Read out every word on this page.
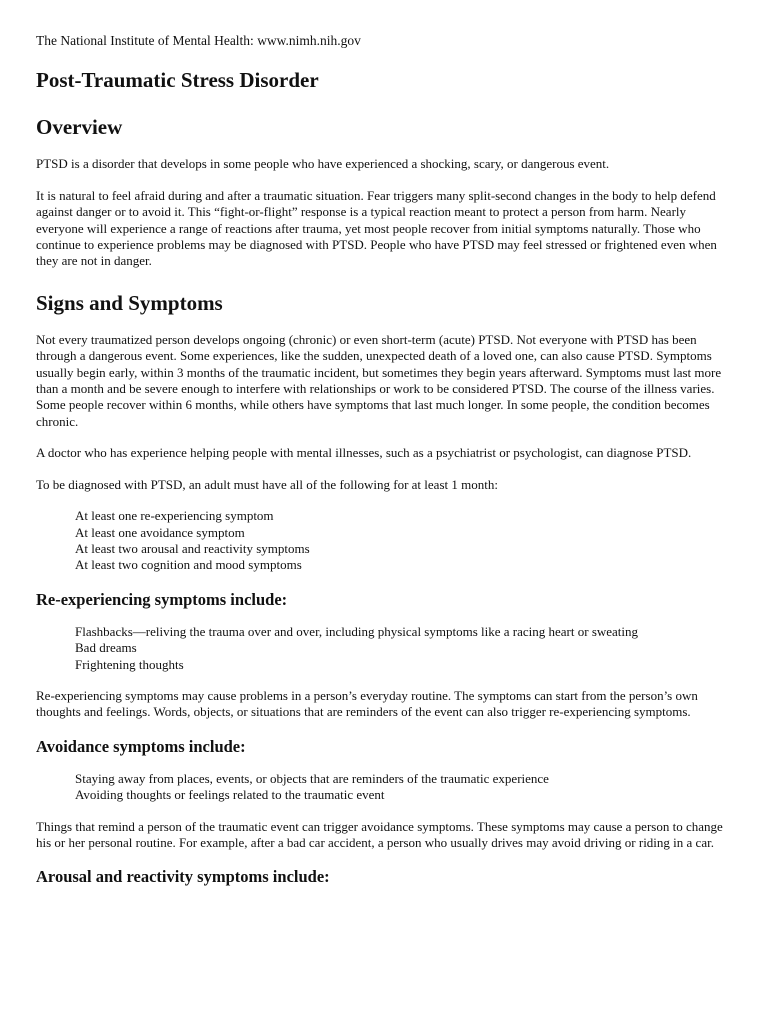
The National Institute of Mental Health: www.nimh.nih.gov
Post-Traumatic Stress Disorder
Overview

PTSD is a disorder that develops in some people who have experienced a shocking, scary, or dangerous event.

It is natural to feel afraid during and after a traumatic situation. Fear triggers many split-second changes in the body to help defend against danger or to avoid it. This “fight-or-flight” response is a typical reaction meant to protect a person from harm. Nearly everyone will experience a range of reactions after trauma, yet most people recover from initial symptoms naturally. Those who continue to experience problems may be diagnosed with PTSD. People who have PTSD may feel stressed or frightened even when they are not in danger.

Signs and Symptoms

Not every traumatized person develops ongoing (chronic) or even short-term (acute) PTSD. Not everyone with PTSD has been through a dangerous event. Some experiences, like the sudden, unexpected death of a loved one, can also cause PTSD. Symptoms usually begin early, within 3 months of the traumatic incident, but sometimes they begin years afterward. Symptoms must last more than a month and be severe enough to interfere with relationships or work to be considered PTSD. The course of the illness varies. Some people recover within 6 months, while others have symptoms that last much longer. In some people, the condition becomes chronic.

A doctor who has experience helping people with mental illnesses, such as a psychiatrist or psychologist, can diagnose PTSD.

To be diagnosed with PTSD, an adult must have all of the following for at least 1 month:

At least one re-experiencing symptom
At least one avoidance symptom
At least two arousal and reactivity symptoms
At least two cognition and mood symptoms
Re-experiencing symptoms include:
Flashbacks—reliving the trauma over and over, including physical symptoms like a racing heart or sweating
Bad dreams
Frightening thoughts

Re-experiencing symptoms may cause problems in a person’s everyday routine. The symptoms can start from the person’s own thoughts and feelings. Words, objects, or situations that are reminders of the event can also trigger re-experiencing symptoms.

Avoidance symptoms include:
Staying away from places, events, or objects that are reminders of the traumatic experience
Avoiding thoughts or feelings related to the traumatic event

Things that remind a person of the traumatic event can trigger avoidance symptoms. These symptoms may cause a person to change his or her personal routine. For example, after a bad car accident, a person who usually drives may avoid driving or riding in a car.

Arousal and reactivity symptoms include:
